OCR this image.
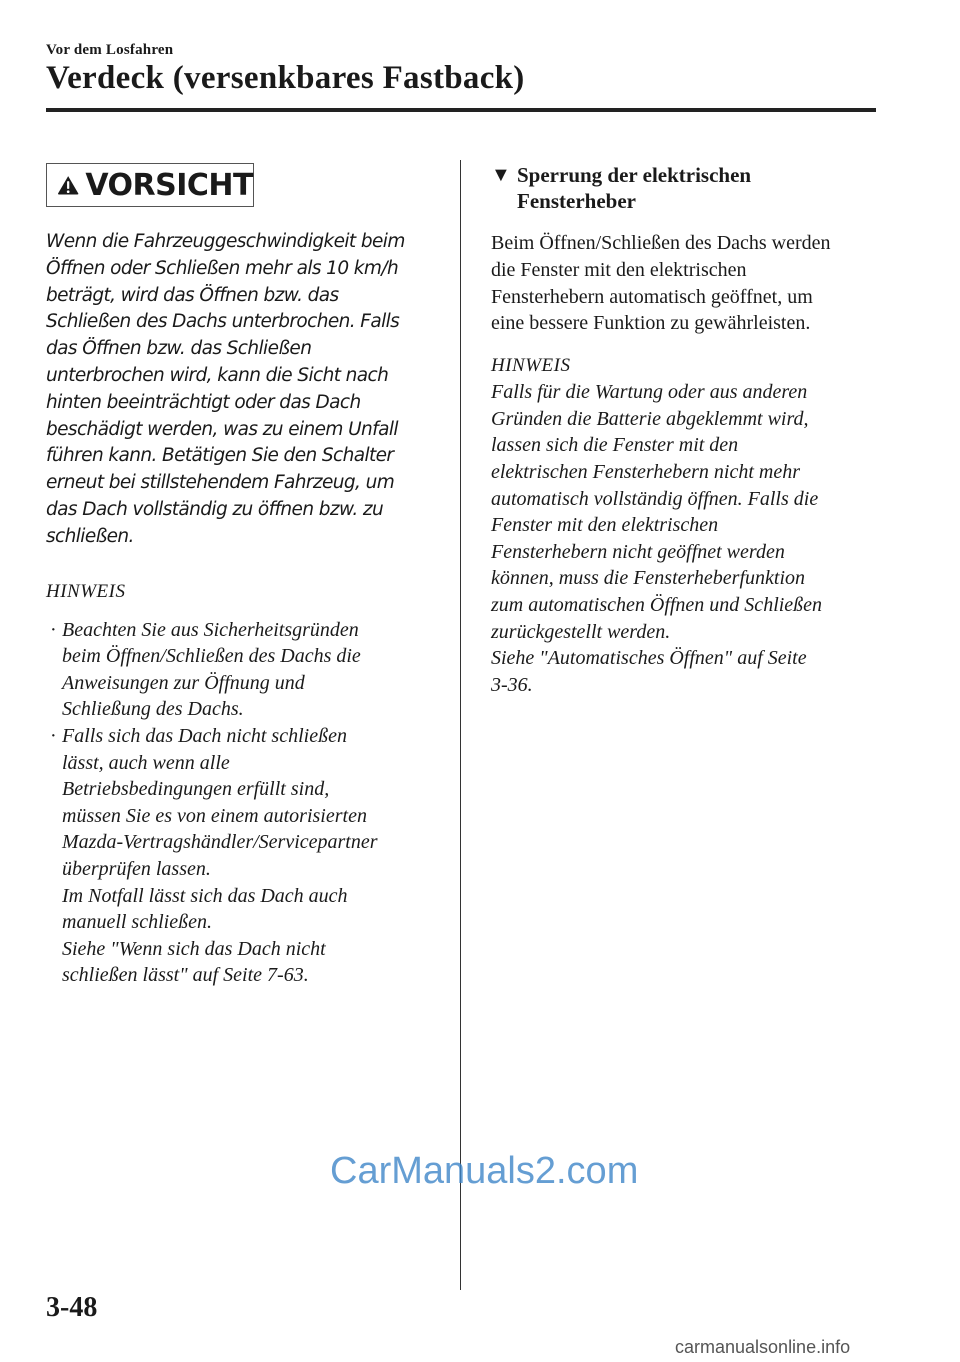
Vor dem Losfahren
Verdeck (versenkbares Fastback)
VORSICHT
Wenn die Fahrzeuggeschwindigkeit beim
Öffnen oder Schließen mehr als 10 km/h
beträgt, wird das Öffnen bzw. das
Schließen des Dachs unterbrochen. Falls
das Öffnen bzw. das Schließen
unterbrochen wird, kann die Sicht nach
hinten beeinträchtigt oder das Dach
beschädigt werden, was zu einem Unfall
führen kann. Betätigen Sie den Schalter
erneut bei stillstehendem Fahrzeug, um
das Dach vollständig zu öffnen bzw. zu
schließen.
HINWEIS
· Beachten Sie aus Sicherheitsgründen
beim Öffnen/Schließen des Dachs die
Anweisungen zur Öffnung und
Schließung des Dachs.
· Falls sich das Dach nicht schließen
lässt, auch wenn alle
Betriebsbedingungen erfüllt sind,
müssen Sie es von einem autorisierten
Mazda-Vertragshändler/Servicepartner
überprüfen lassen.
Im Notfall lässt sich das Dach auch
manuell schließen.
Siehe "Wenn sich das Dach nicht
schließen lässt" auf Seite 7-63.
▼ Sperrung der elektrischen
Fensterheber
Beim Öffnen/Schließen des Dachs werden
die Fenster mit den elektrischen
Fensterhebern automatisch geöffnet, um
eine bessere Funktion zu gewährleisten.
HINWEIS
Falls für die Wartung oder aus anderen
Gründen die Batterie abgeklemmt wird,
lassen sich die Fenster mit den
elektrischen Fensterhebern nicht mehr
automatisch vollständig öffnen. Falls die
Fenster mit den elektrischen
Fensterhebern nicht geöffnet werden
können, muss die Fensterheberfunktion
zum automatischen Öffnen und Schließen
zurückgestellt werden.
Siehe "Automatisches Öffnen" auf Seite
3-36.
CarManuals2.com
3-48
carmanualsonline.info
